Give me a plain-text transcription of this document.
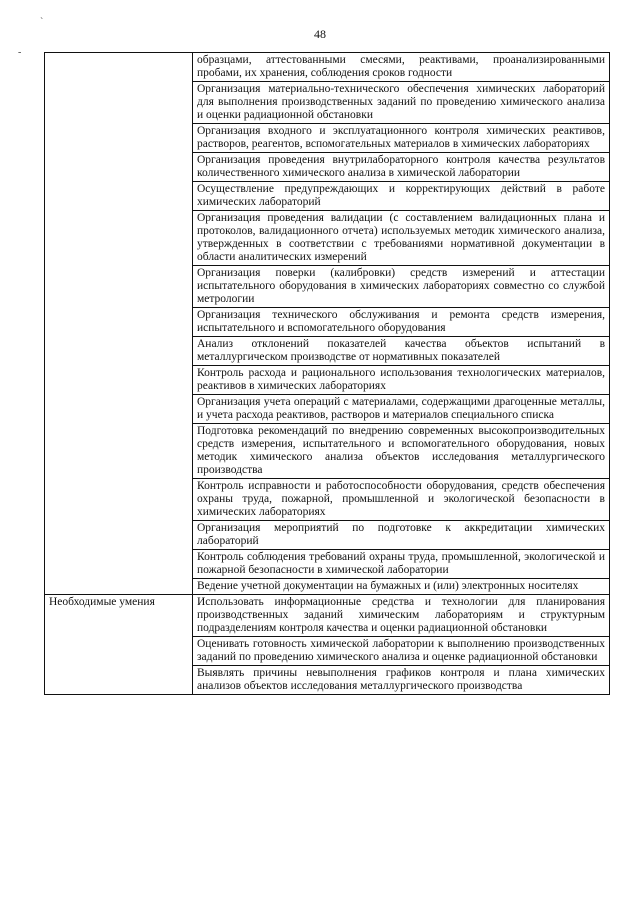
48
`
-
	образцами, аттестованными смесями, реактивами, проанализированными пробами, их хранения, соблюдения сроков годности
	Организация материально-технического обеспечения химических лабораторий для выполнения производственных заданий по проведению химического анализа и оценки радиационной обстановки
	Организация входного и эксплуатационного контроля химических реактивов, растворов, реагентов, вспомогательных материалов в химических лабораториях
	Организация проведения внутрилабораторного контроля качества результатов количественного химического анализа в химической лаборатории
	Осуществление предупреждающих и корректирующих действий в работе химических лабораторий
	Организация проведения валидации (с составлением валидационных плана и протоколов, валидационного отчета) используемых методик химического анализа, утвержденных в соответствии с требованиями нормативной документации в области аналитических измерений
	Организация поверки (калибровки) средств измерений и аттестации испытательного оборудования в химических лабораториях совместно со службой метрологии
	Организация технического обслуживания и ремонта средств измерения, испытательного и вспомогательного оборудования
	Анализ отклонений показателей качества объектов испытаний в металлургическом производстве от нормативных показателей
	Контроль расхода и рационального использования технологических материалов, реактивов в химических лабораториях
	Организация учета операций с материалами, содержащими драгоценные металлы, и учета расхода реактивов, растворов и материалов специального списка
	Подготовка рекомендаций по внедрению современных высокопроизводительных средств измерения, испытательного и вспомогательного оборудования, новых методик химического анализа объектов исследования металлургического производства
	Контроль исправности и работоспособности оборудования, средств обеспечения охраны труда, пожарной, промышленной и экологической безопасности в химических лабораториях
	Организация мероприятий по подготовке к аккредитации химических лабораторий
	Контроль соблюдения требований охраны труда, промышленной, экологической и пожарной безопасности в химической лаборатории
	Ведение учетной документации на бумажных и (или) электронных носителях
Необходимые умения	Использовать информационные средства и технологии для планирования производственных заданий химическим лабораториям и структурным подразделениям контроля качества и оценки радиационной обстановки
	Оценивать готовность химической лаборатории к выполнению производственных заданий по проведению химического анализа и оценке радиационной обстановки
	Выявлять причины невыполнения графиков контроля и плана химических анализов объектов исследования металлургического производства
